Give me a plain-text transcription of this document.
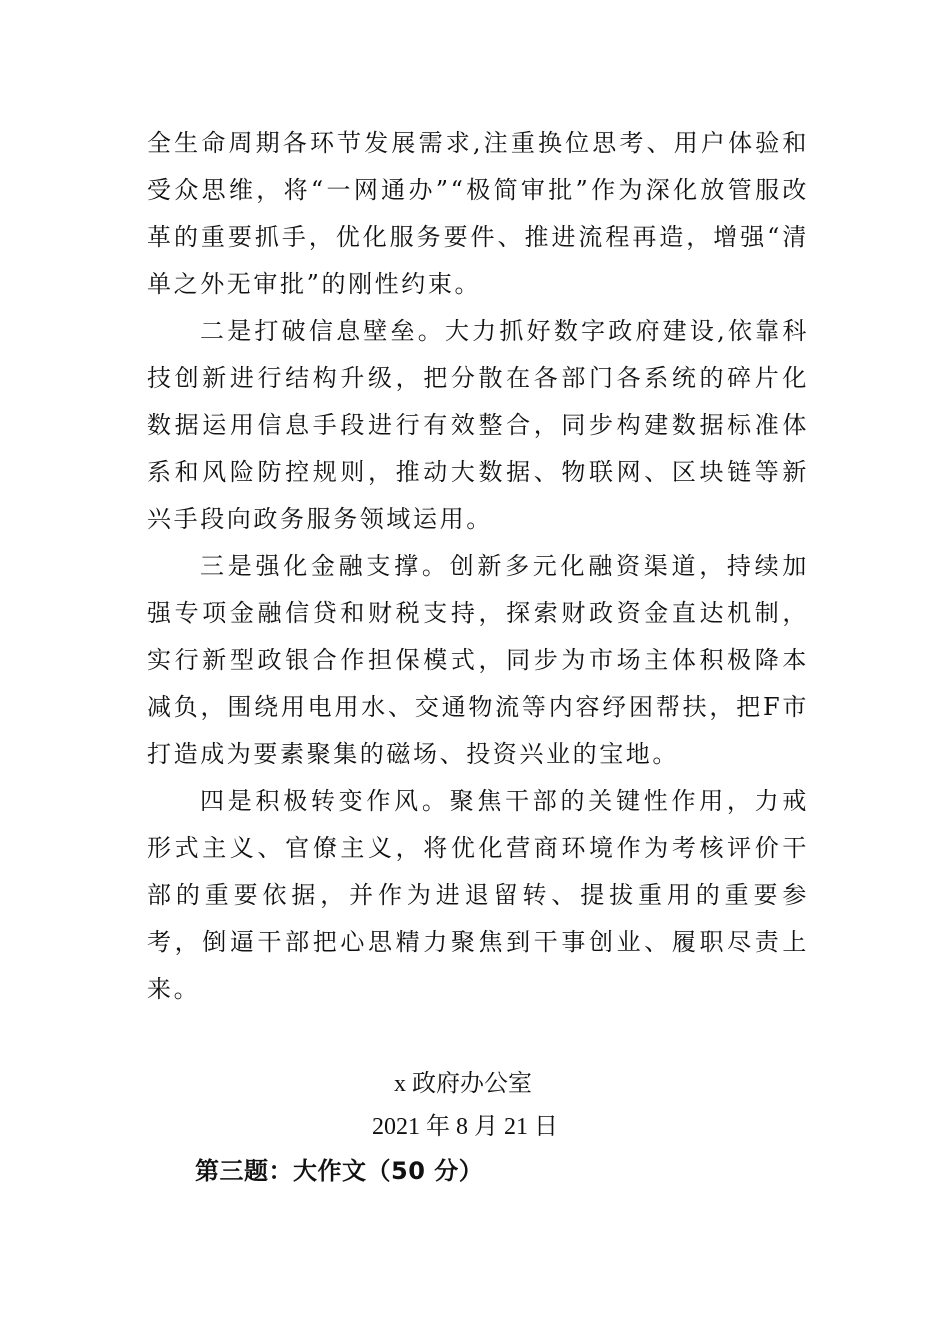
全生命周期各环节发展需求,注重换位思考、用户体验和受众思维，将“一网通办”“极简审批”作为深化放管服改革的重要抓手，优化服务要件、推进流程再造，增强“清单之外无审批”的刚性约束。

二是打破信息壁垒。大力抓好数字政府建设,依靠科技创新进行结构升级，把分散在各部门各系统的碎片化数据运用信息手段进行有效整合，同步构建数据标准体系和风险防控规则，推动大数据、物联网、区块链等新兴手段向政务服务领域运用。

三是强化金融支撑。创新多元化融资渠道，持续加强专项金融信贷和财税支持，探索财政资金直达机制，实行新型政银合作担保模式，同步为市场主体积极降本减负，围绕用电用水、交通物流等内容纾困帮扶，把F市打造成为要素聚集的磁场、投资兴业的宝地。

四是积极转变作风。聚焦干部的关键性作用，力戒形式主义、官僚主义，将优化营商环境作为考核评价干部的重要依据，并作为进退留转、提拔重用的重要参考，倒逼干部把心思精力聚焦到干事创业、履职尽责上来。

x 政府办公室
2021 年 8 月 21 日
第三题：大作文（50 分）
